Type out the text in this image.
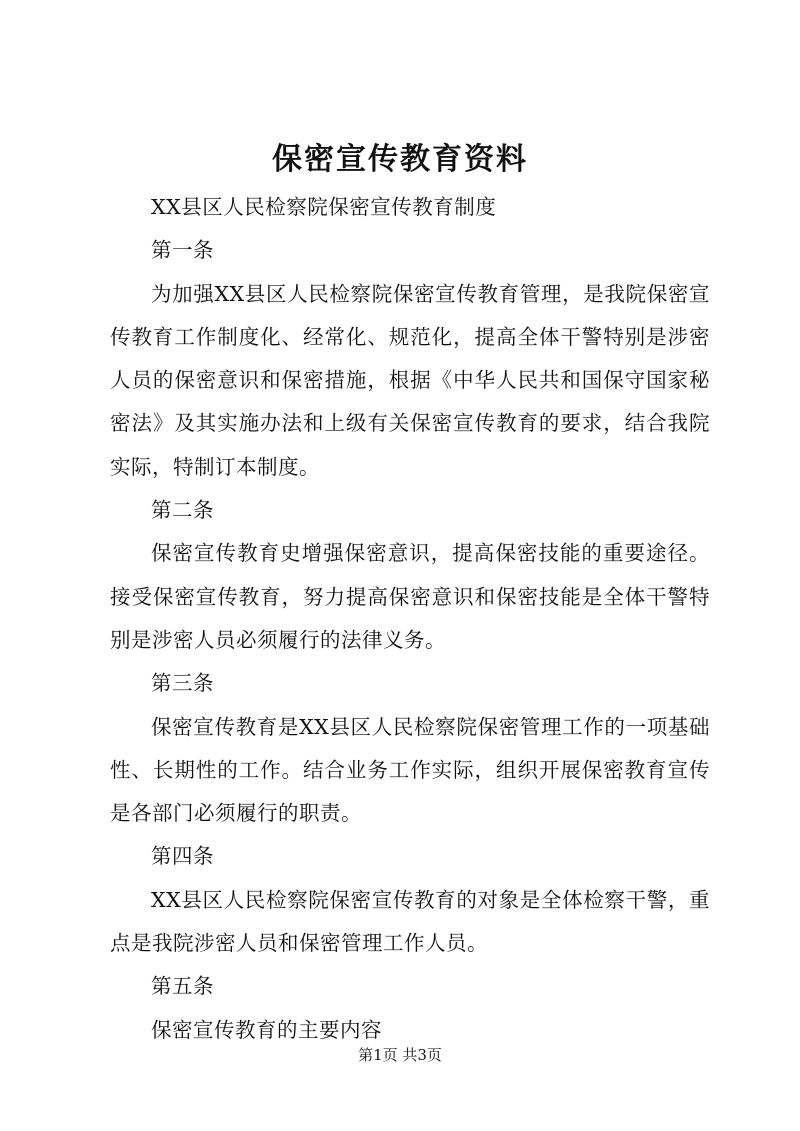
保密宣传教育资料

XX县区人民检察院保密宣传教育制度

第一条

为加强XX县区人民检察院保密宣传教育管理，是我院保密宣传教育工作制度化、经常化、规范化，提高全体干警特别是涉密人员的保密意识和保密措施，根据《中华人民共和国保守国家秘密法》及其实施办法和上级有关保密宣传教育的要求，结合我院实际，特制订本制度。

第二条

保密宣传教育史增强保密意识，提高保密技能的重要途径。接受保密宣传教育，努力提高保密意识和保密技能是全体干警特别是涉密人员必须履行的法律义务。

第三条

保密宣传教育是XX县区人民检察院保密管理工作的一项基础性、长期性的工作。结合业务工作实际，组织开展保密教育宣传是各部门必须履行的职责。

第四条

XX县区人民检察院保密宣传教育的对象是全体检察干警，重点是我院涉密人员和保密管理工作人员。

第五条

保密宣传教育的主要内容

第1页 共3页
